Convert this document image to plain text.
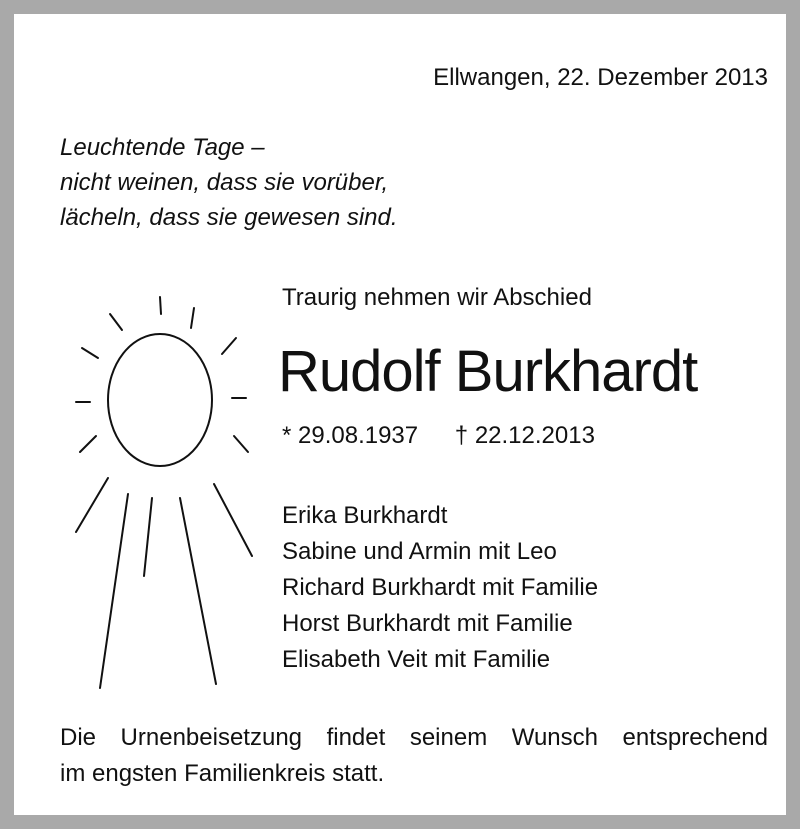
Ellwangen, 22. Dezember 2013
Leuchtende Tage –
nicht weinen, dass sie vorüber,
lächeln, dass sie gewesen sind.
Traurig nehmen wir Abschied
Rudolf Burkhardt
* 29.08.1937 † 22.12.2013
Erika Burkhardt
Sabine und Armin mit Leo
Richard Burkhardt mit Familie
Horst Burkhardt mit Familie
Elisabeth Veit mit Familie
Die Urnenbeisetzung findet seinem Wunsch entsprechend
im engsten Familienkreis statt.
